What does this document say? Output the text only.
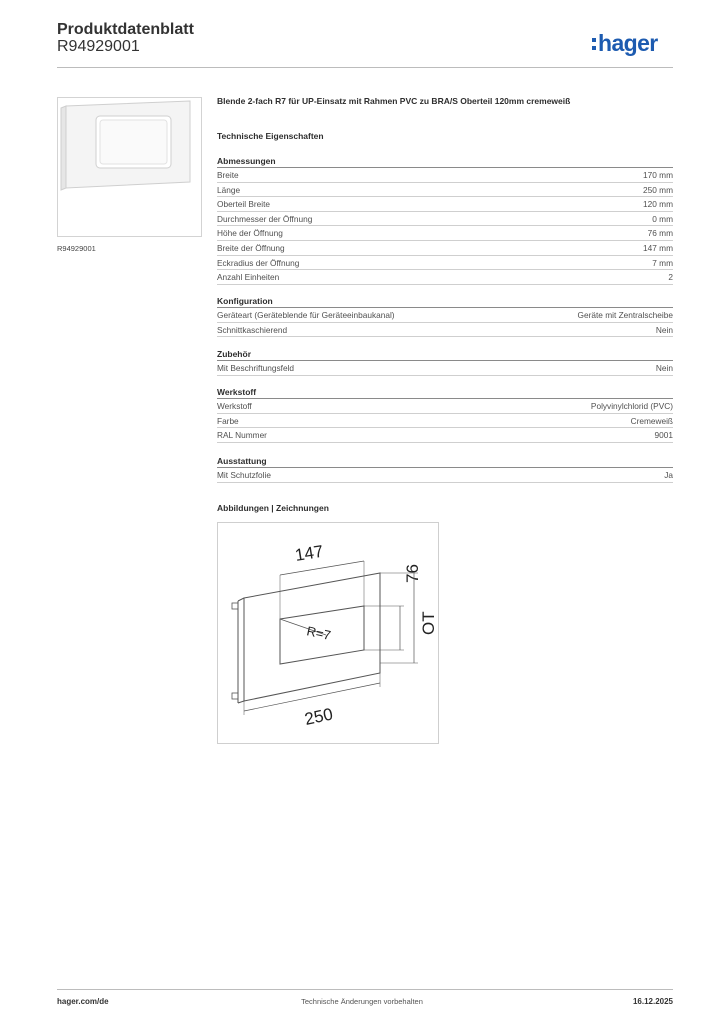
Produktdatenblatt
R94929001	hager
R94929001
Blende 2-fach R7 für UP-Einsatz mit Rahmen PVC zu BRA/S Oberteil 120mm cremeweiß
Technische Eigenschaften
Abmessungen
Breite	170 mm
Länge	250 mm
Oberteil Breite	120 mm
Durchmesser der Öffnung	0 mm
Höhe der Öffnung	76 mm
Breite der Öffnung	147 mm
Eckradius der Öffnung	7 mm
Anzahl Einheiten	2
Konfiguration
Geräteart (Geräteblende für Geräteeinbaukanal)	Geräte mit Zentralscheibe
Schnittkaschierend	Nein
Zubehör
Mit Beschriftungsfeld	Nein
Werkstoff
Werkstoff	Polyvinylchlorid (PVC)
Farbe	Cremeweiß
RAL Nummer	9001
Ausstattung
Mit Schutzfolie	Ja
Abbildungen | Zeichnungen
147
76
OT
R=7
250
hager.com/de	Technische Änderungen vorbehalten	16.12.2025
